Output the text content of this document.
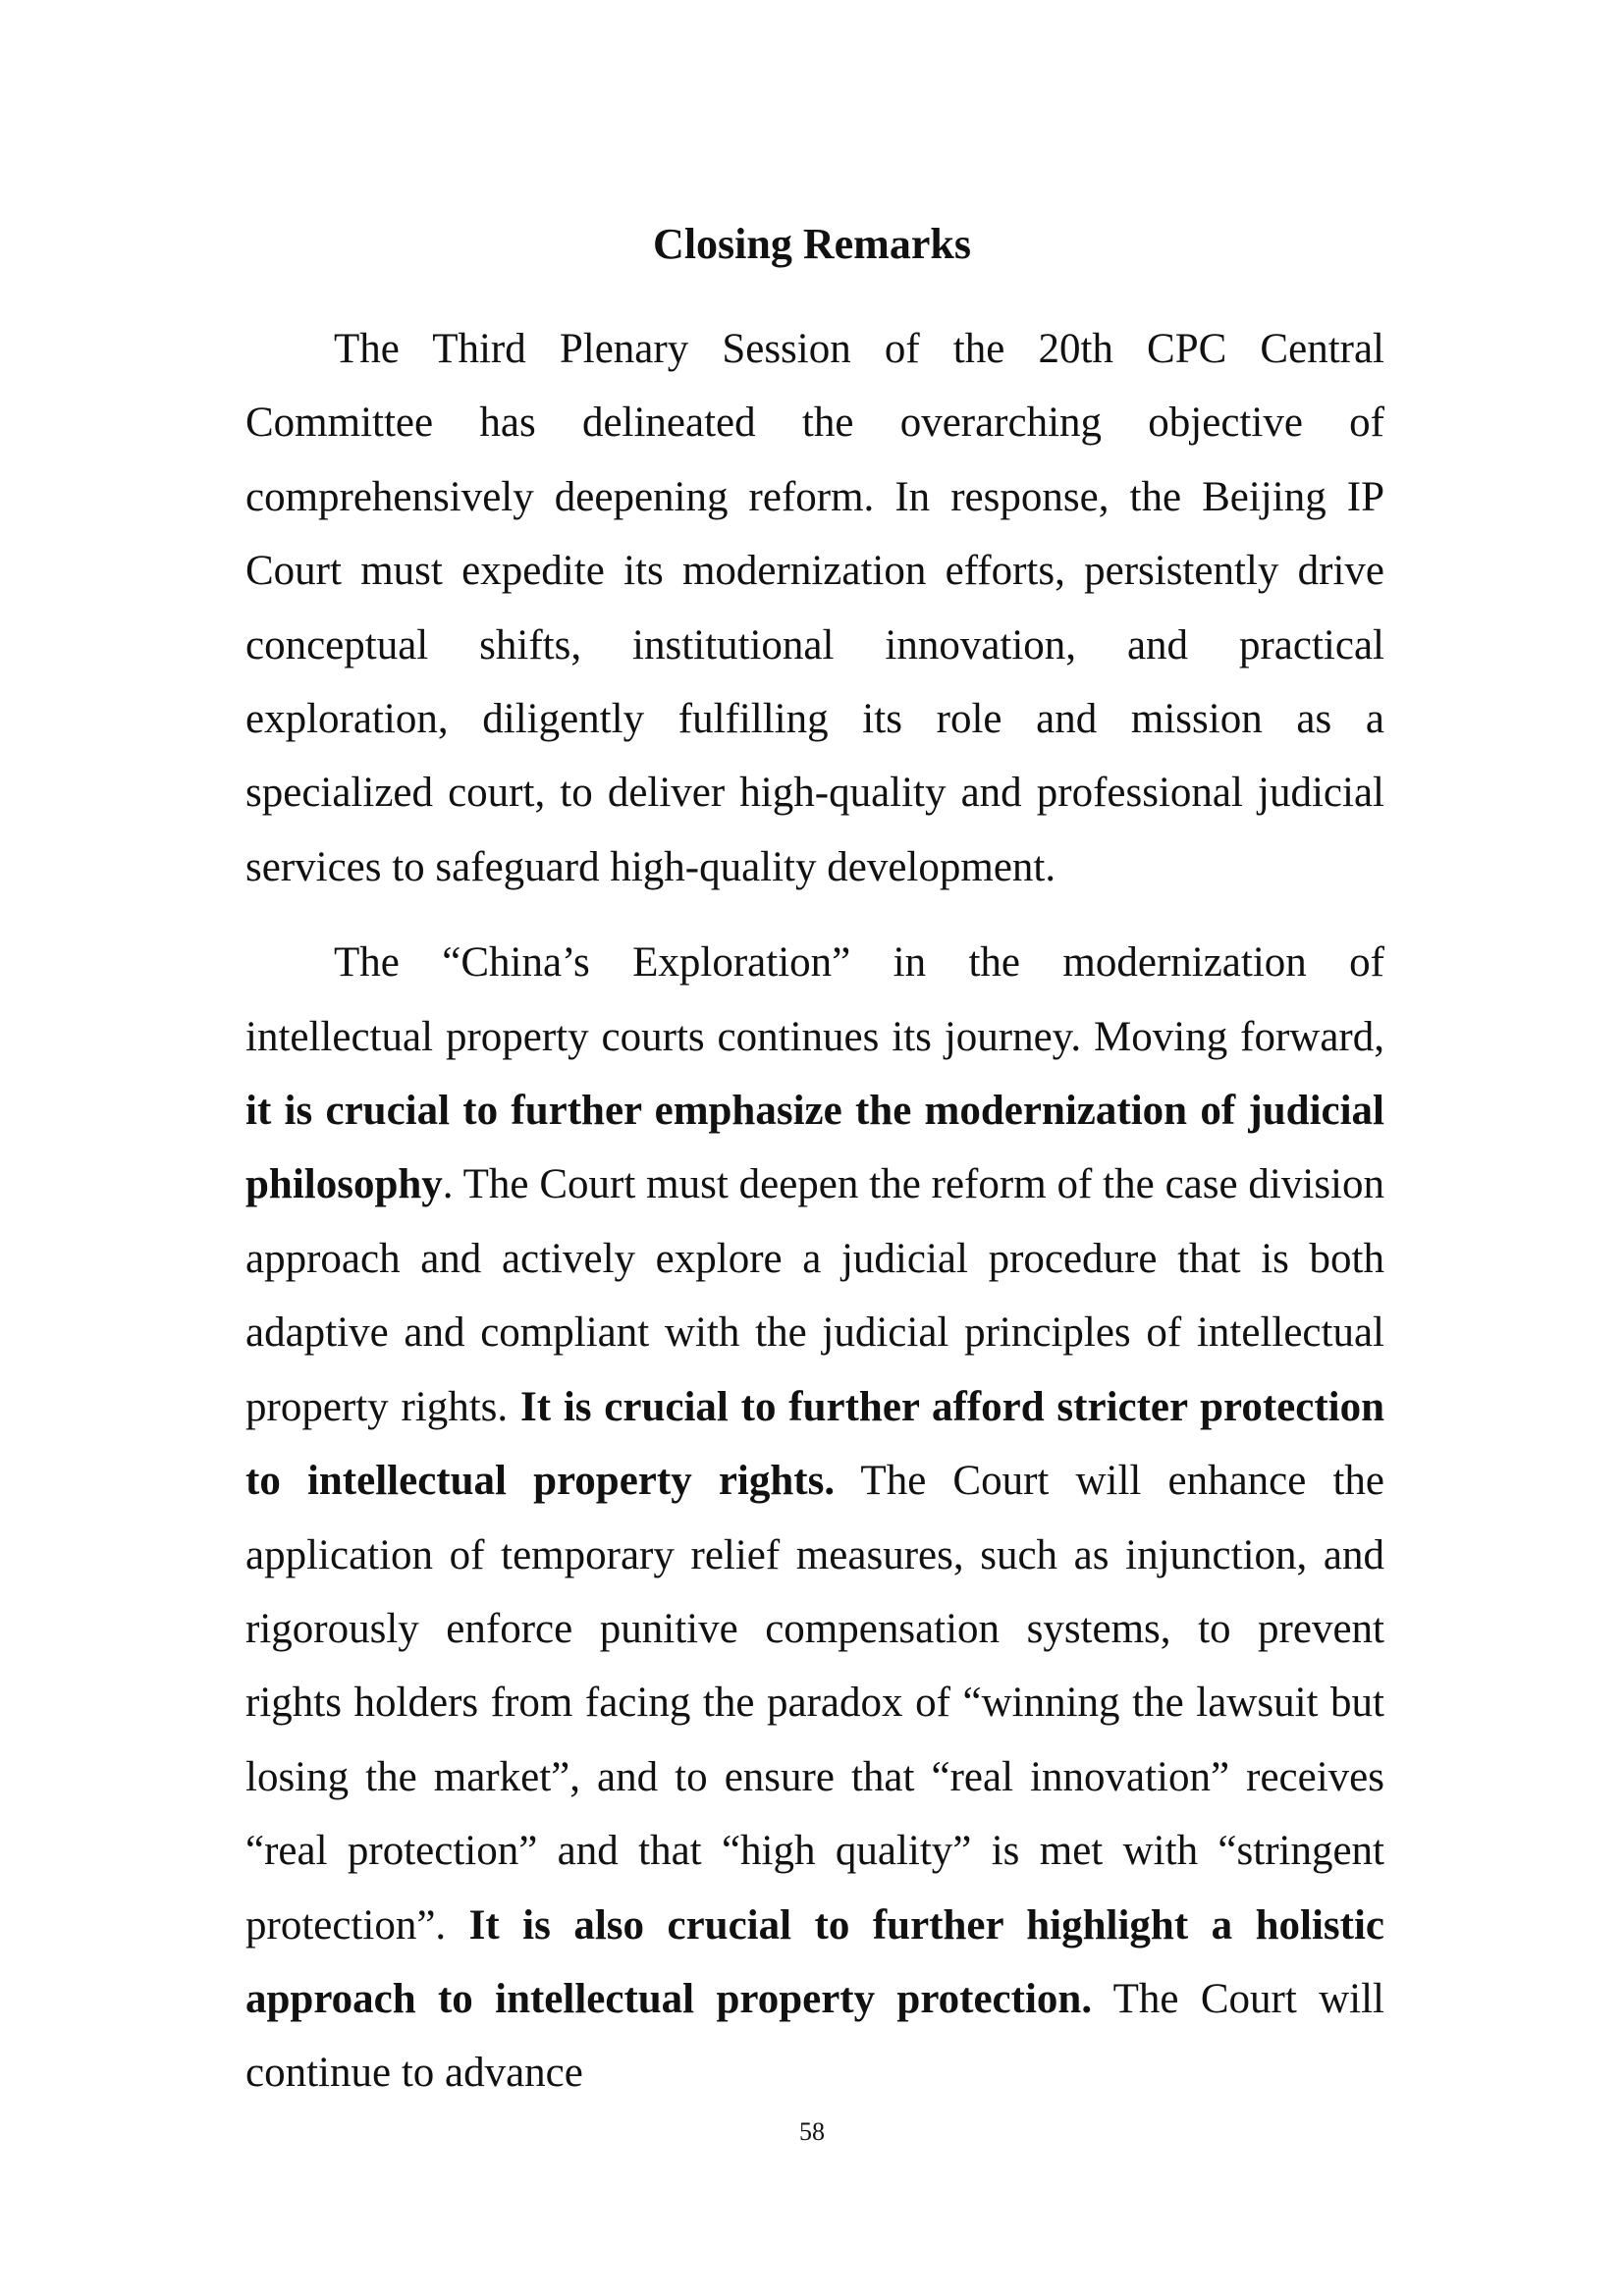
Closing Remarks

The Third Plenary Session of the 20th CPC Central Committee has delineated the overarching objective of comprehensively deepening reform. In response, the Beijing IP Court must expedite its modernization efforts, persistently drive conceptual shifts, institutional innovation, and practical exploration, diligently fulfilling its role and mission as a specialized court, to deliver high-quality and professional judicial services to safeguard high-quality development.

The “China’s Exploration” in the modernization of intellectual property courts continues its journey. Moving forward, it is crucial to further emphasize the modernization of judicial philosophy. The Court must deepen the reform of the case division approach and actively explore a judicial procedure that is both adaptive and compliant with the judicial principles of intellectual property rights. It is crucial to further afford stricter protection to intellectual property rights. The Court will enhance the application of temporary relief measures, such as injunction, and rigorously enforce punitive compensation systems, to prevent rights holders from facing the paradox of “winning the lawsuit but losing the market”, and to ensure that “real innovation” receives “real protection” and that “high quality” is met with “stringent protection”. It is also crucial to further highlight a holistic approach to intellectual property protection. The Court will continue to advance

58
